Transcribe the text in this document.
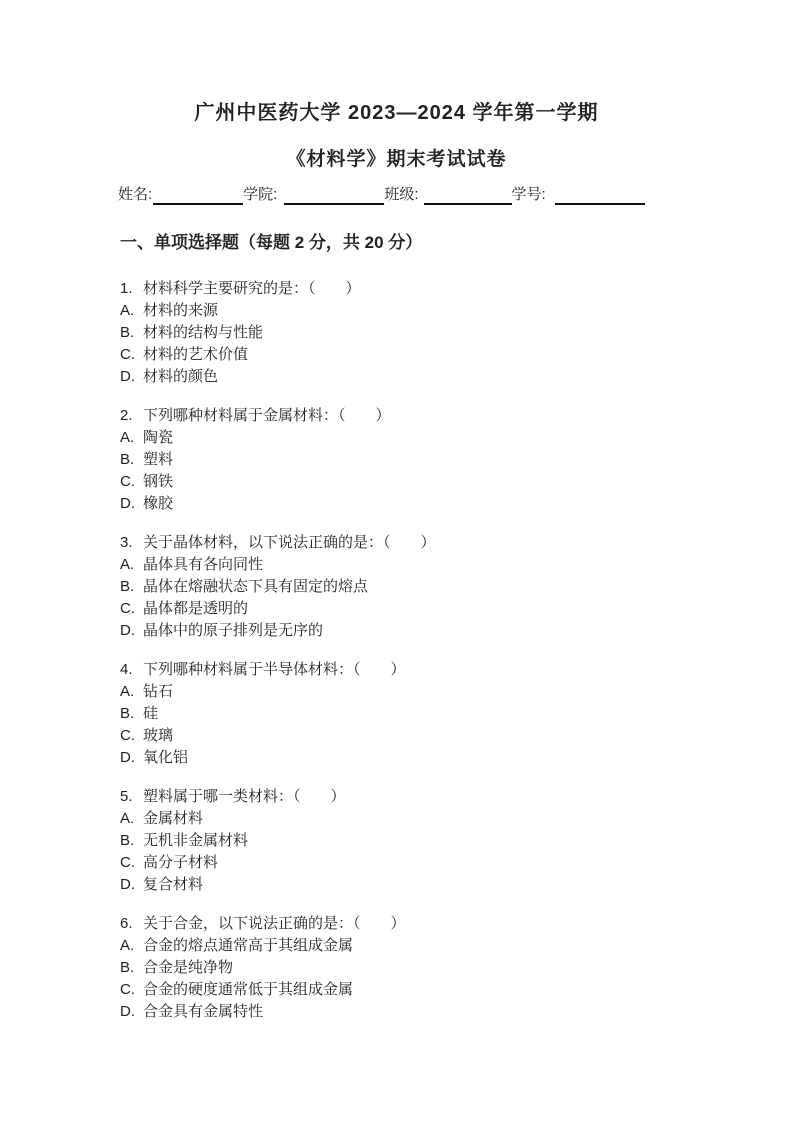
广州中医药大学 2023—2024 学年第一学期
《材料学》期末考试试卷
姓名:	学院:	班级:	学号:
一、单项选择题（每题 2 分，共 20 分）
1. 材料科学主要研究的是：（　　）
A. 材料的来源
B. 材料的结构与性能
C. 材料的艺术价值
D. 材料的颜色
2. 下列哪种材料属于金属材料：（　　）
A. 陶瓷
B. 塑料
C. 钢铁
D. 橡胶
3. 关于晶体材料，以下说法正确的是：（　　）
A. 晶体具有各向同性
B. 晶体在熔融状态下具有固定的熔点
C. 晶体都是透明的
D. 晶体中的原子排列是无序的
4. 下列哪种材料属于半导体材料：（　　）
A. 钻石
B. 硅
C. 玻璃
D. 氧化铝
5. 塑料属于哪一类材料：（　　）
A. 金属材料
B. 无机非金属材料
C. 高分子材料
D. 复合材料
6. 关于合金，以下说法正确的是：（　　）
A. 合金的熔点通常高于其组成金属
B. 合金是纯净物
C. 合金的硬度通常低于其组成金属
D. 合金具有金属特性
